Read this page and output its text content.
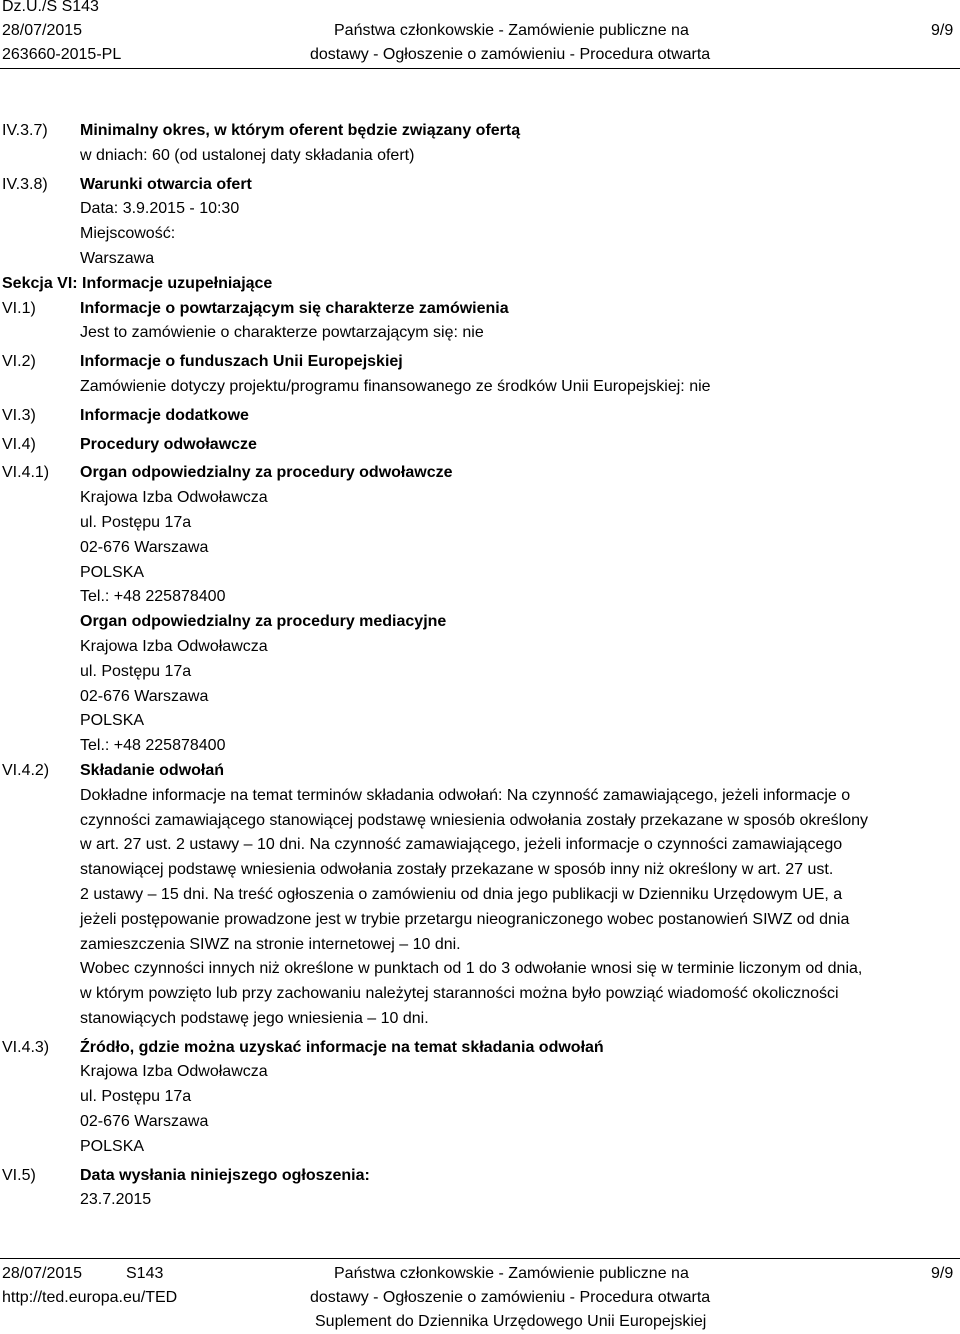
Dz.U./S S143
28/07/2015
263660-2015-PL
Państwa członkowskie - Zamówienie publiczne na
dostawy - Ogłoszenie o zamówieniu - Procedura otwarta
9/9
IV.3.7)	Minimalny okres, w którym oferent będzie związany ofertą
w dniach: 60 (od ustalonej daty składania ofert)
IV.3.8)	Warunki otwarcia ofert
Data: 3.9.2015 - 10:30
Miejscowość:
Warszawa
Sekcja VI: Informacje uzupełniające
VI.1)	Informacje o powtarzającym się charakterze zamówienia
Jest to zamówienie o charakterze powtarzającym się: nie
VI.2)	Informacje o funduszach Unii Europejskiej
Zamówienie dotyczy projektu/programu finansowanego ze środków Unii Europejskiej: nie
VI.3)	Informacje dodatkowe
VI.4)	Procedury odwoławcze
VI.4.1)	Organ odpowiedzialny za procedury odwoławcze
Krajowa Izba Odwoławcza
ul. Postępu 17a
02-676 Warszawa
POLSKA
Tel.: +48 225878400
Organ odpowiedzialny za procedury mediacyjne
Krajowa Izba Odwoławcza
ul. Postępu 17a
02-676 Warszawa
POLSKA
Tel.: +48 225878400
VI.4.2)	Składanie odwołań
Dokładne informacje na temat terminów składania odwołań: Na czynność zamawiającego, jeżeli informacje o
czynności zamawiającego stanowiącej podstawę wniesienia odwołania zostały przekazane w sposób określony
w art. 27 ust. 2 ustawy – 10 dni. Na czynność zamawiającego, jeżeli informacje o czynności zamawiającego
stanowiącej podstawę wniesienia odwołania zostały przekazane w sposób inny niż określony w art. 27 ust.
2 ustawy – 15 dni. Na treść ogłoszenia o zamówieniu od dnia jego publikacji w Dzienniku Urzędowym UE, a
jeżeli postępowanie prowadzone jest w trybie przetargu nieograniczonego wobec postanowień SIWZ od dnia
zamieszczenia SIWZ na stronie internetowej – 10 dni.
Wobec czynności innych niż określone w punktach od 1 do 3 odwołanie wnosi się w terminie liczonym od dnia,
w którym powzięto lub przy zachowaniu należytej staranności można było powziąć wiadomość okoliczności
stanowiących podstawę jego wniesienia – 10 dni.
VI.4.3)	Źródło, gdzie można uzyskać informacje na temat składania odwołań
Krajowa Izba Odwoławcza
ul. Postępu 17a
02-676 Warszawa
POLSKA
VI.5)	Data wysłania niniejszego ogłoszenia:
23.7.2015
28/07/2015	S143
http://ted.europa.eu/TED
Państwa członkowskie - Zamówienie publiczne na
dostawy - Ogłoszenie o zamówieniu - Procedura otwarta
Suplement do Dziennika Urzędowego Unii Europejskiej
9/9
